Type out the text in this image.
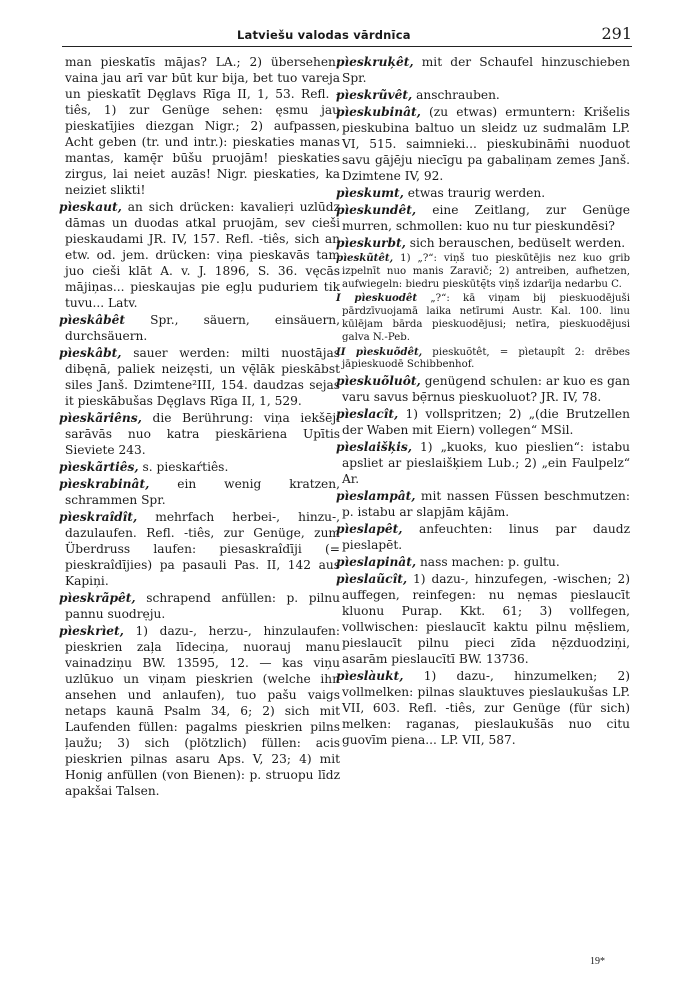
Latviešu valodas vārdnīca	291

man pieskatīs mājas? LA.; 2) übersehen: vaina jau arī var būt kur bija, bet tuo vareja un pieskatīt Dęglavs Rīga II, 1, 53. Refl. -tiês, 1) zur Genüge sehen: ęsmu jau pieskatījies diezgan Nigr.; 2) aufpassen, Acht geben (tr. und intr.): pieskaties manas mantas, kamę̄r būšu pruojām! pieskaties zirgus, lai neiet auzās! Nigr. pieskaties, ka neiziet slikti!

pìeskaut, an sich drücken: kavalieŗi uzlūdz dāmas un duodas atkal pruojām, sev cieši pieskaudami JR. IV, 157. Refl. -tiês, sich an etw. od. jem. drücken: viņa pieskavās tam juo cieši klāt A. v. J. 1896, S. 36. vęcās mājiņas... pieskaujas pie egļu puduriem tik tuvu... Latv.

pìeskâbêt Spr., säuern, einsäuern, durchsäuern.

pìeskâbt, sauer werden: milti nuostājas dibęnā, paliek neizęsti, un vę̄lāk pieskābst siles Janš. Dzimtene²III, 154. daudzas sejas it pieskābušas Dęglavs Rīga II, 1, 529.

pìeskãriêns, die Berührung: viņa iekšēji sarāvās nuo katra pieskāriena Upītis Sieviete 243.

pìeskãrtiês, s. pieskaŕtiês.

pìeskrabinât, ein wenig kratzen, schrammen Spr.

pìeskraîdît, mehrfach herbei-, hinzu-, dazulaufen. Refl. -tiês, zur Genüge, zum Überdruss laufen: piesaskraîdīji (= pieskraîdījies) pa pasauli Pas. II, 142 aus Kapiņi.

pìeskrãpêt, schrapend anfüllen: p. pilnu pannu suodrẹju.

pìeskrìet, 1) dazu-, herzu-, hinzulaufen: pieskrien zaļa līdeciņa, nuorauj manu vainadziņu BW. 13595, 12. — kas viņu uzlūkuo un viņam pieskrien (welche ihn ansehen und anlaufen), tuo pašu vaigs netaps kaunā Psalm 34, 6; 2) sich mit Laufenden füllen: pagalms pieskrien pilns ļaužu; 3) sich (plötzlich) füllen: acis pieskrien pilnas asaru Aps. V, 23; 4) mit Honig anfüllen (von Bienen): p. struopu līdz apakšai Talsen.

pìeskruķêt, mit der Schaufel hinzuschieben Spr.

pìeskrũvêt, anschrauben.

pìeskubinât, (zu etwas) ermuntern: Krišelis pieskubina baltuo un sleidz uz sudmalām LP. VI, 515. saimnieki... pieskubinām̄i nuoduot savu gājēju niecīgu pa gabaliņam zemes Janš. Dzimtene IV, 92.

pìeskumt, etwas traurig werden.

pìeskundêt, eine Zeitlang, zur Genüge murren, schmollen: kuo nu tur pieskundēsi?

pìeskurbt, sich berauschen, bedüselt werden.

pìeskũtêt, 1) „?“: viņš tuo pieskūtējis nez kuo grib izpelnīt nuo manis Zaravič; 2) antreiben, aufhetzen, aufwiegeln: biedru pieskūtę̄ts viņš izdarīja nedarbu C.

I pìeskuodêt „?“: kā viņam bij pieskuodējuši pārdzīvuojamā laika netīrumi Austr. Kal. 100. linu kūlējam bārda pieskuodējusi; netīra, pieskuodējusi galva N.-Peb.

II pìeskuõdêt, pieskuõtêt, = pìetaupît 2: drēbes jāpieskuodē Schibbenhof.

pìeskuõluôt, genügend schulen: ar kuo es gan varu savus bẹ̄rnus pieskuoluot? JR. IV, 78.

pìeslacît, 1) vollspritzen; 2) „(die Brutzellen der Waben mit Eiern) vollegen“ MSil.

pìeslaišķis, 1) „kuoks, kuo pieslien“: istabu apsliet ar pieslaišķiem Lub.; 2) „ein Faulpelz“ Ar.

pìeslampât, mit nassen Füssen beschmutzen: p. istabu ar slapjām kājām.

pìeslapêt, anfeuchten: linus par daudz pieslapēt.

pìeslapinât, nass machen: p. gultu.

pìeslaũcît, 1) dazu-, hinzufegen, -wischen; 2) auffegen, reinfegen: nu nẹmas pieslaucīt kluonu Purap. Kkt. 61; 3) vollfegen, vollwischen: pieslaucīt kaktu pilnu mẹ̄sliem, pieslaucīt pilnu pieci zīda nẹ̄zduodziņi, asarām pieslaucītī BW. 13736.

pìeslàukt, 1) dazu-, hinzumelken; 2) vollmelken: pilnas slauktuves pieslaukušas LP. VII, 603. Refl. -tiês, zur Genüge (für sich) melken: raganas, pieslaukušās nuo citu guovīm piena... LP. VII, 587.

19*
